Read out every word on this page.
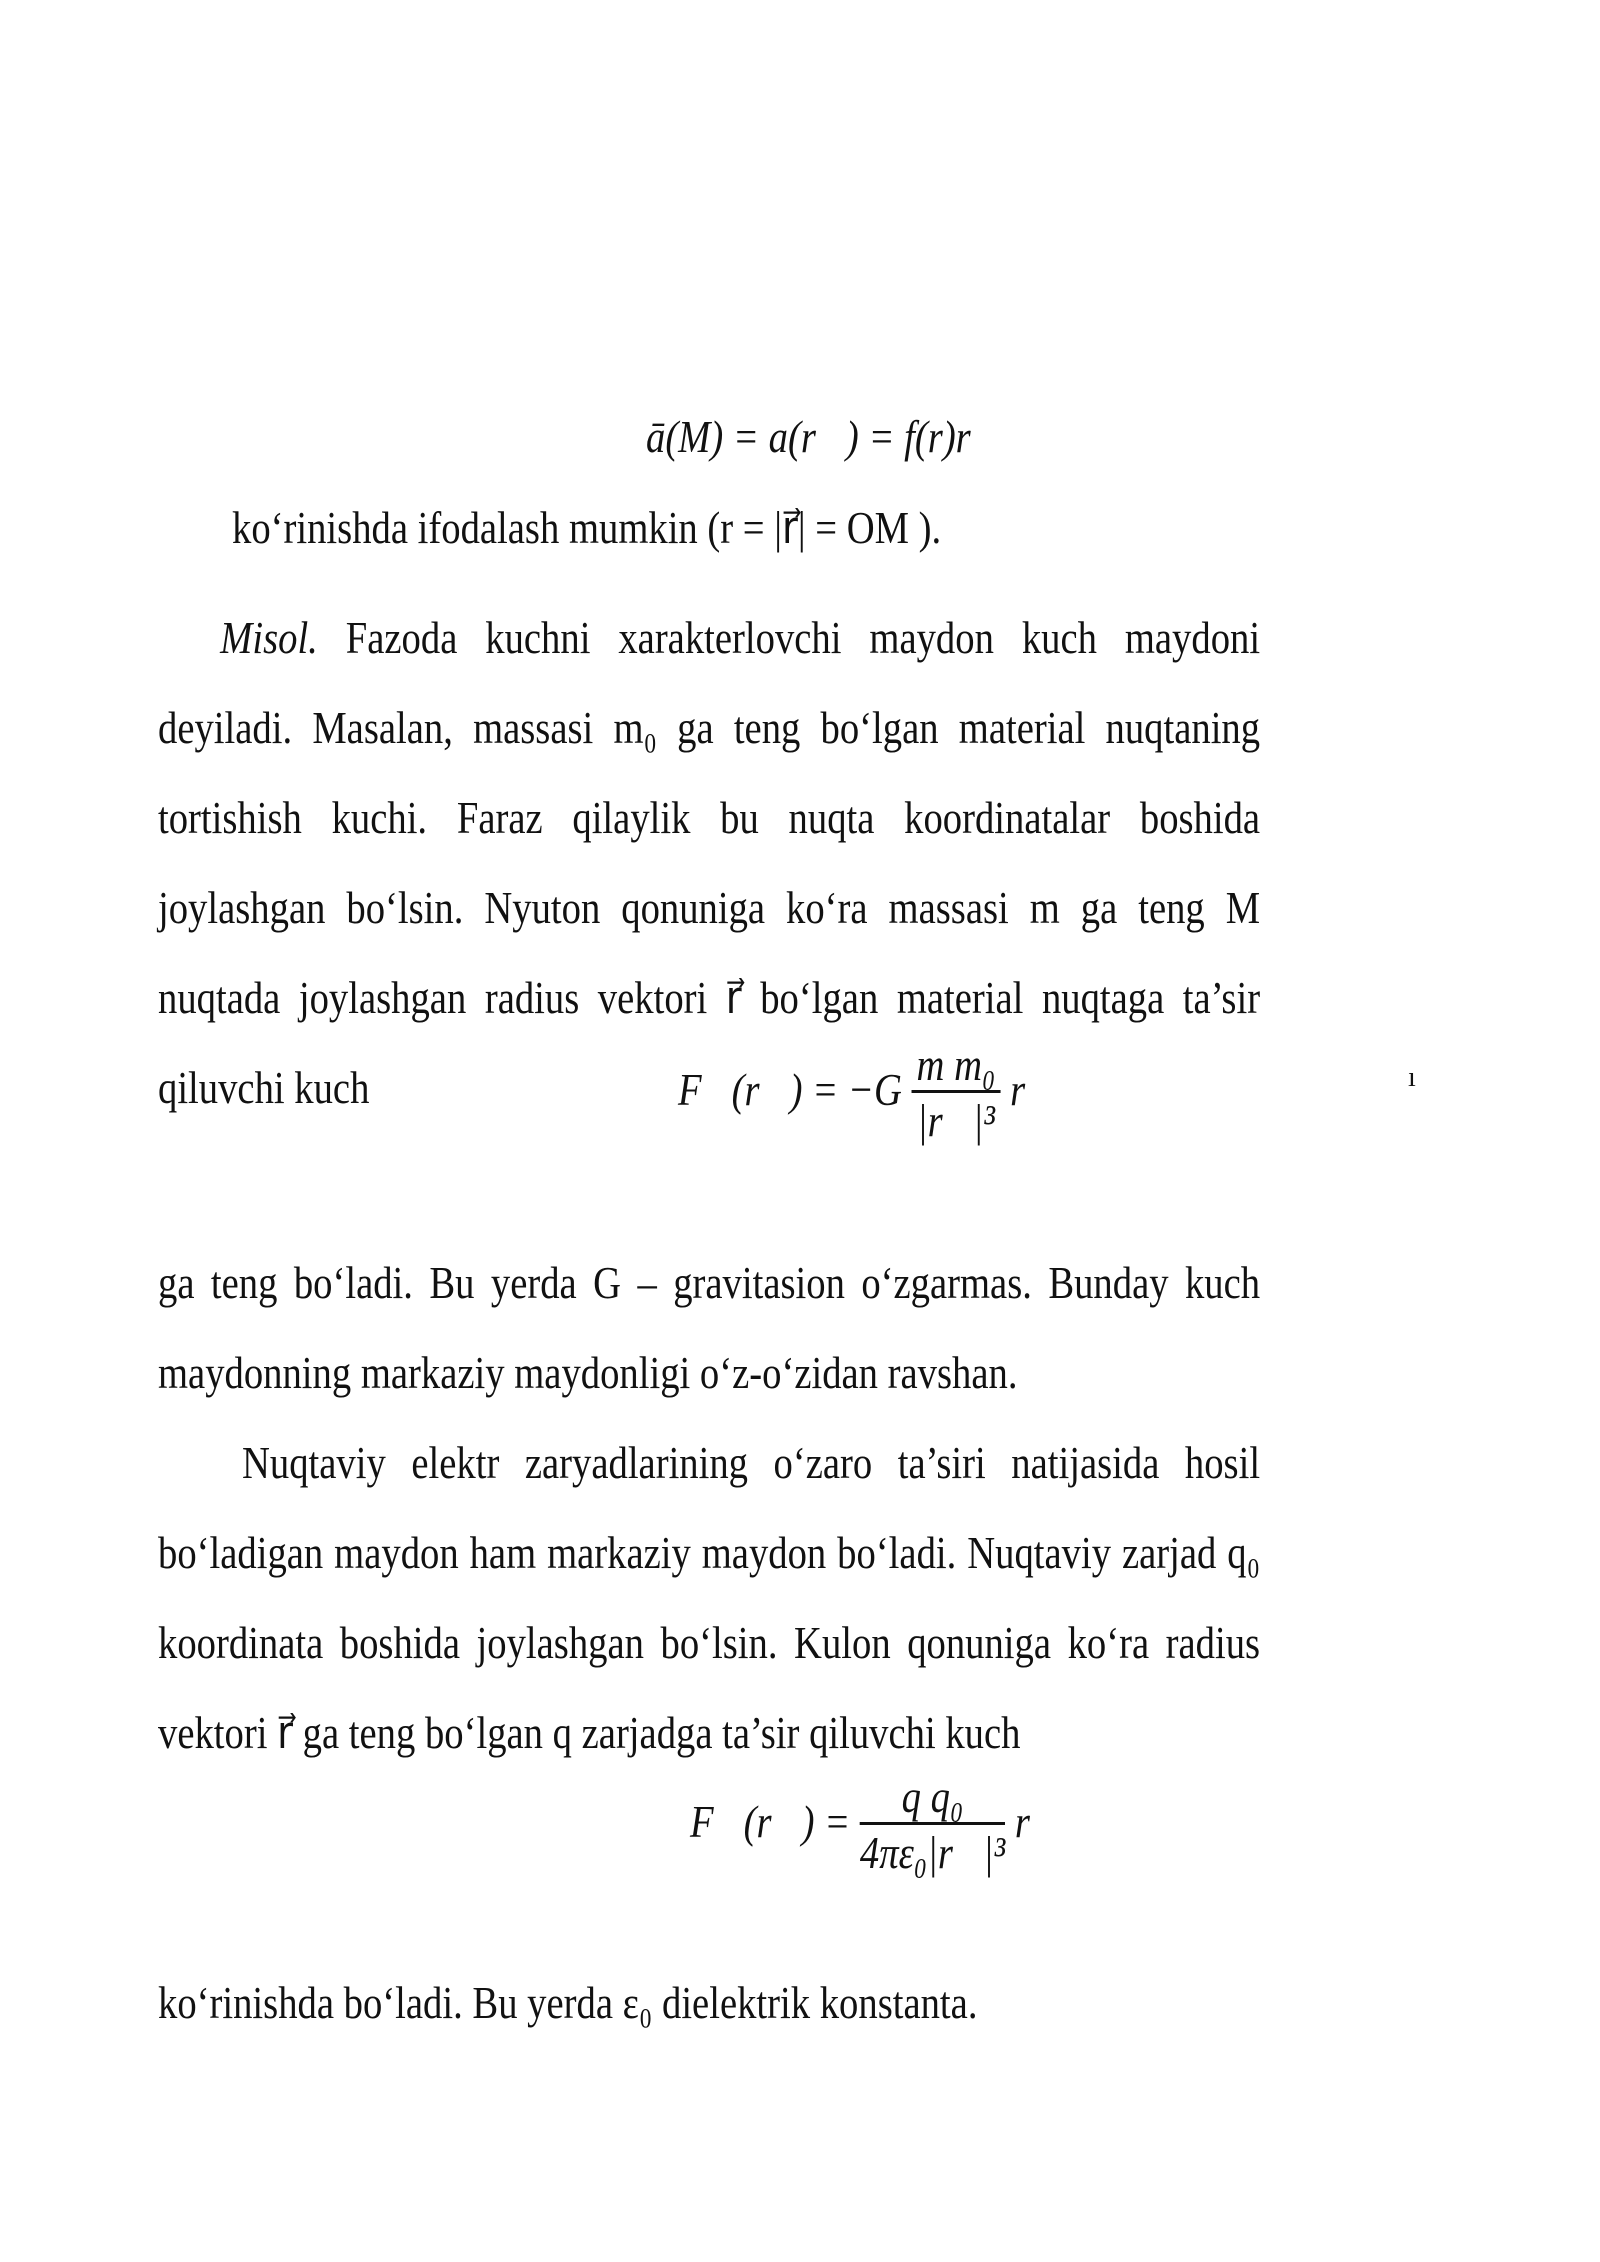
ā(M) = a(r⃗) = f(r)r⃗

ko‘rinishda ifodalash mumkin (r = |r⃗| = OM ).

Misol. Fazoda kuchni xarakterlovchi maydon kuch maydoni deyiladi. Masalan, massasi m₀ ga teng bo‘lgan material nuqtaning tortishish kuchi. Faraz qilaylik bu nuqta koordinatalar boshida joylashgan bo‘lsin. Nyuton qonuniga ko‘ra massasi m ga teng M nuqtada joylashgan radius vektori r⃗ bo‘lgan material nuqtaga ta’sir qiluvchi kuch	F⃗(r⃗) = $-G \frac{\text{m m₀}}{\text{|r⃗|³}}$ r⃗	ı

ga teng bo‘ladi. Bu yerda G – gravitasion o‘zgarmas. Bunday kuch maydonning markaziy maydonligi o‘z-o‘zidan ravshan.

Nuqtaviy elektr zaryadlarining o‘zaro ta’siri natijasida hosil bo‘ladigan maydon ham markaziy maydon bo‘ladi. Nuqtaviy zarjad q₀ koordinata boshida joylashgan bo‘lsin. Kulon qonuniga ko‘ra radius vektori r⃗ ga teng bo‘lgan q zarjadga ta’sir qiluvchi kuch

F⃗(r⃗) = $\frac{\text{q q₀}}{\text{4πε₀|r⃗|³}}$ r⃗

ko‘rinishda bo‘ladi. Bu yerda ε₀ dielektrik konstanta.
